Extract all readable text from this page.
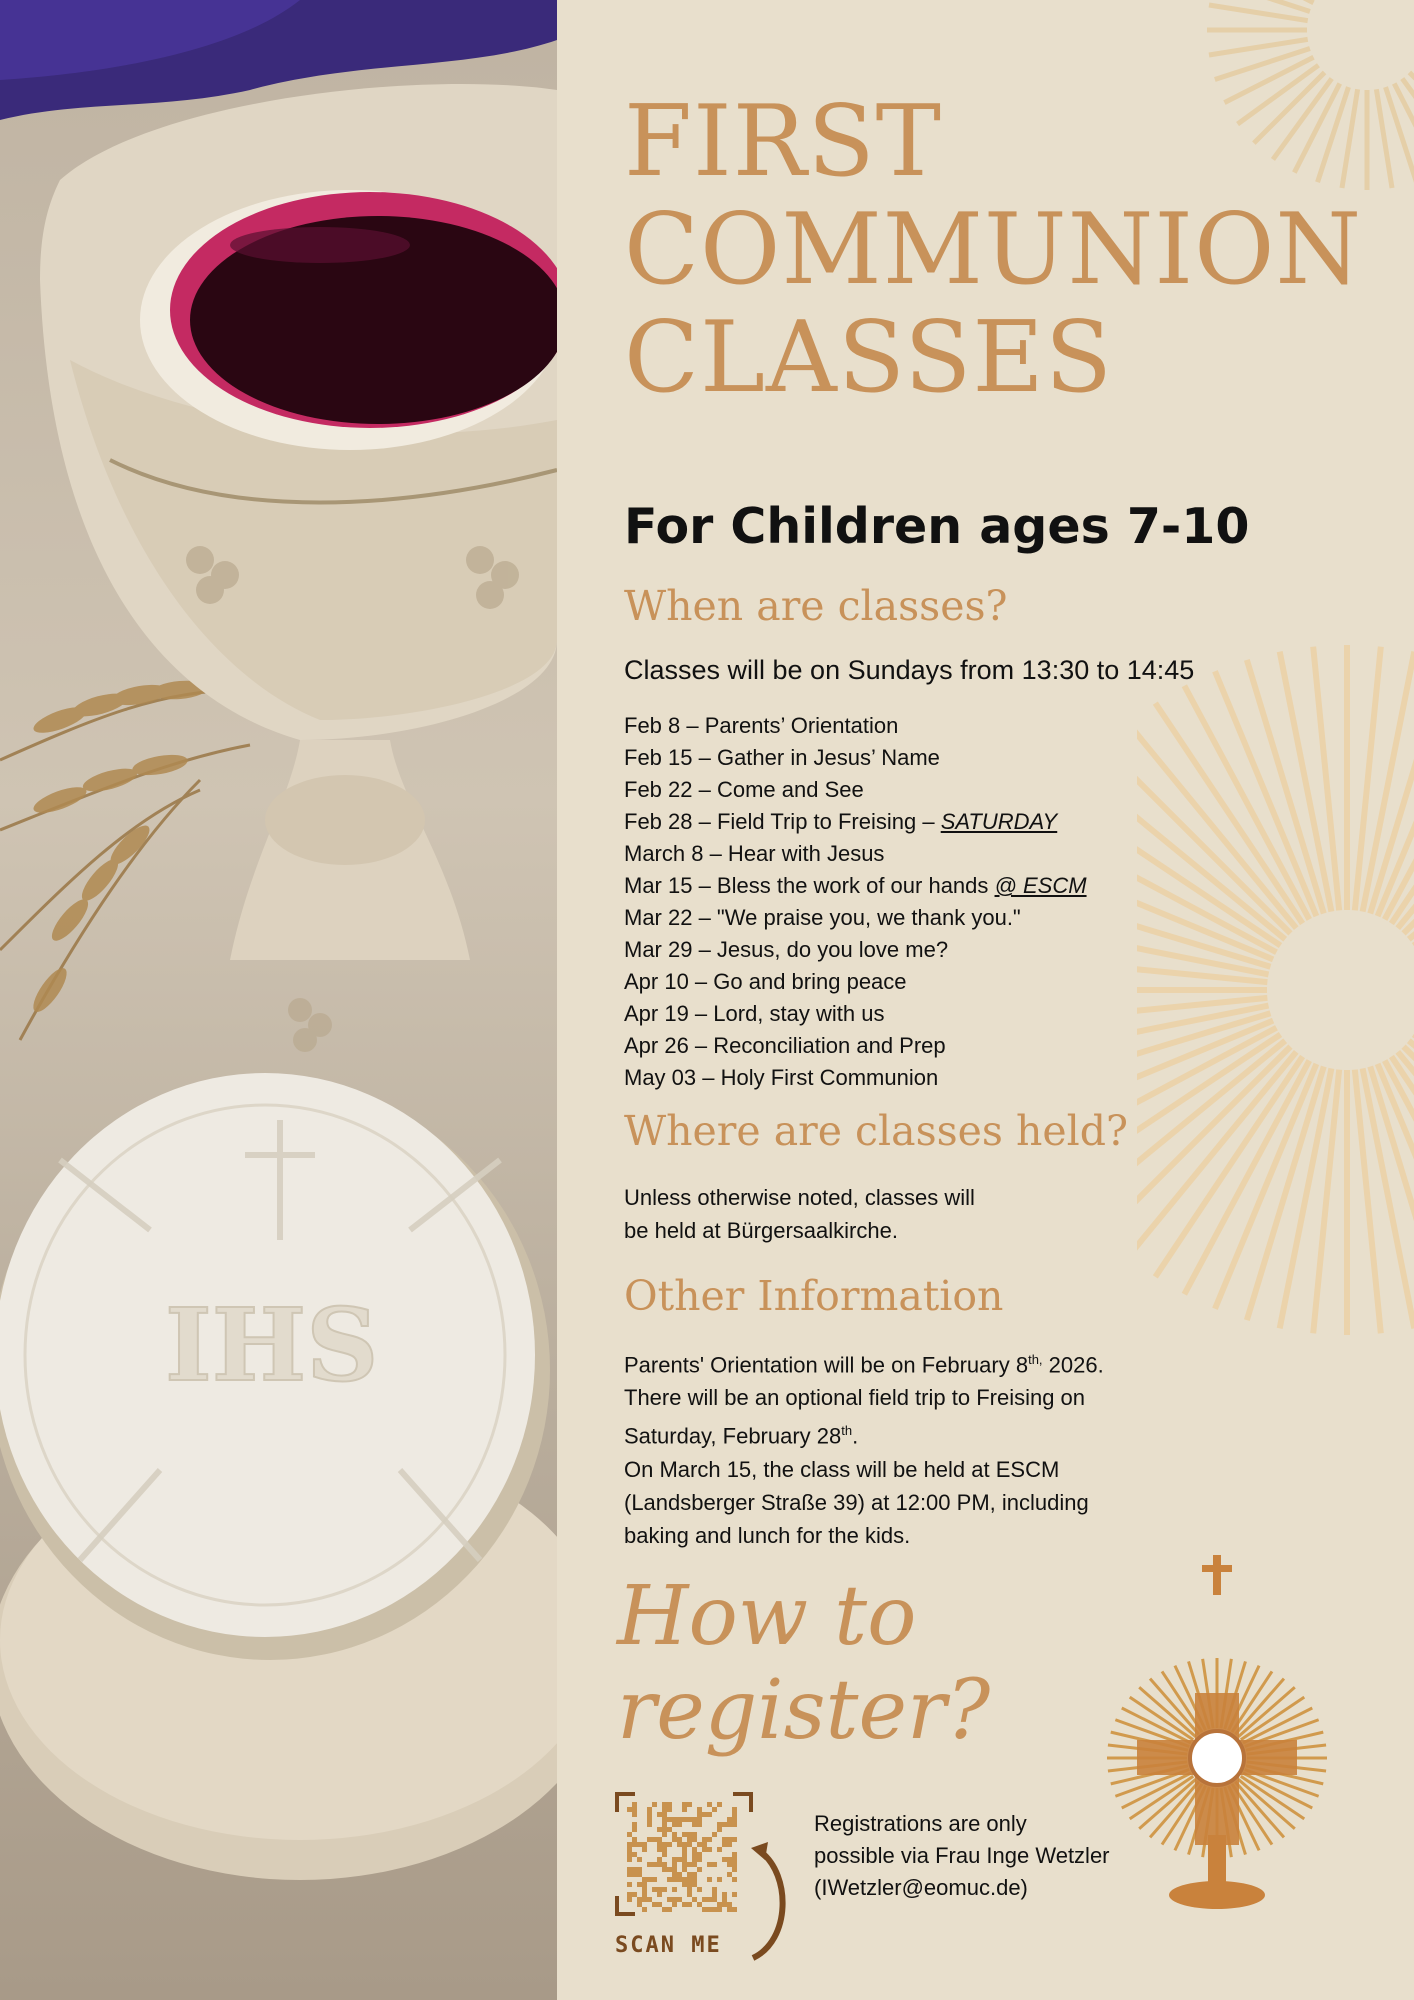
IHS
FIRST
COMMUNION
CLASSES
For Children ages 7-10
When are classes?
Classes will be on Sundays from 13:30 to 14:45
Feb 8 – Parents’ Orientation
Feb 15 – Gather in Jesus’ Name
Feb 22 – Come and See
Feb 28 – Field Trip to Freising – SATURDAY
March 8 – Hear with Jesus
Mar 15 – Bless the work of our hands @ ESCM
Mar 22 – "We praise you, we thank you."
Mar 29 – Jesus, do you love me?
Apr 10 – Go and bring peace
Apr 19 – Lord, stay with us
Apr 26 – Reconciliation and Prep
May 03 – Holy First Communion
Where are classes held?

Unless otherwise noted, classes will

be held at Bürgersaalkirche.

Other Information

Parents' Orientation will be on February $8^{th,}$ 2026.

There will be an optional field trip to Freising on

Saturday, February 28th.

On March 15, the class will be held at ESCM

(Landsberger Straße 39) at 12:00 PM, including

baking and lunch for the kids.

How to
register?
SCAN ME

Registrations are only

possible via Frau Inge Wetzler

(IWetzler@eomuc.de)
